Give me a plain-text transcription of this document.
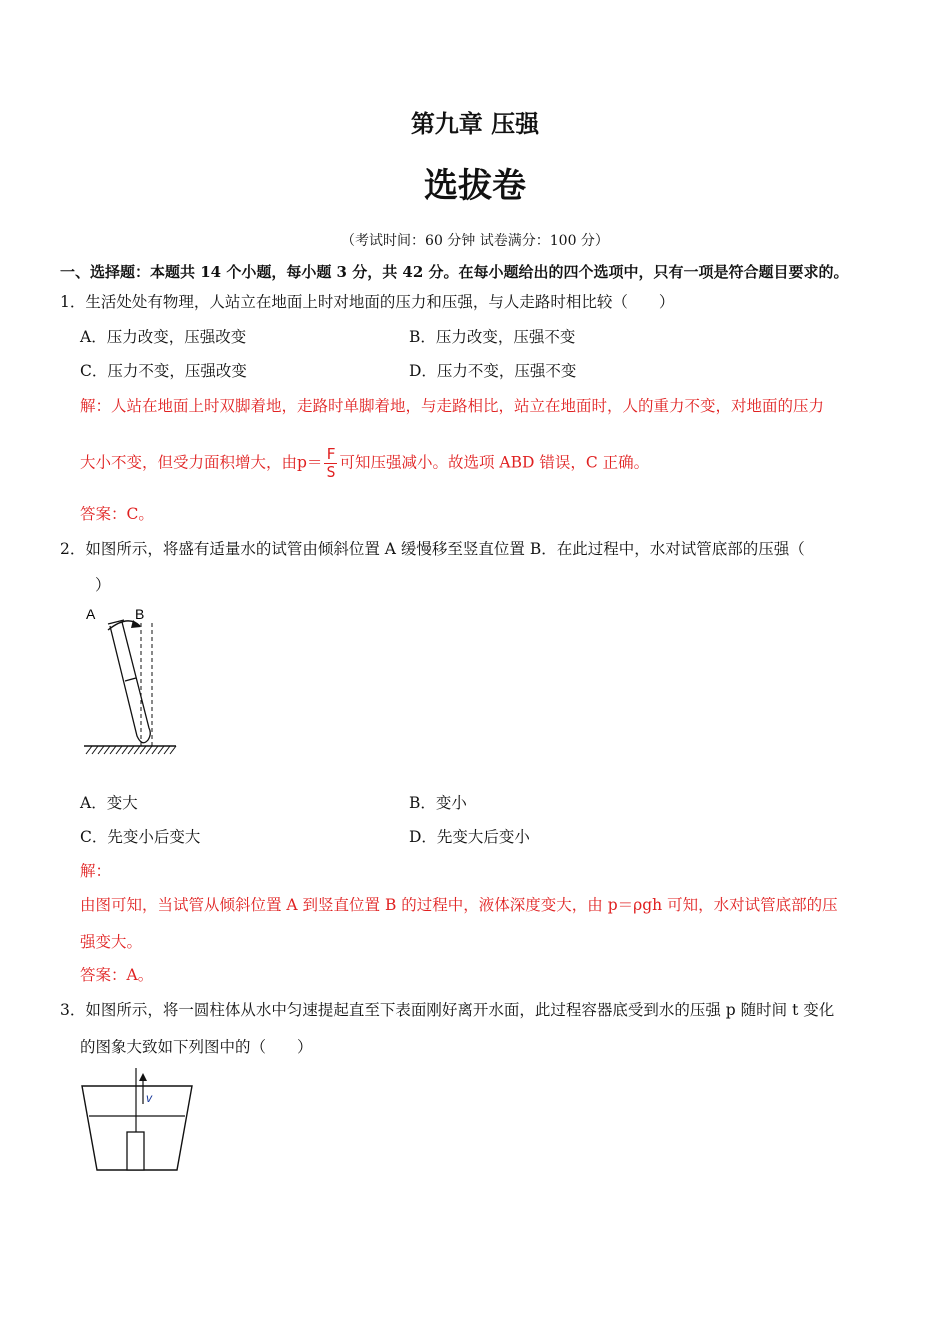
第九章 压强
选拔卷
（考试时间：60 分钟 试卷满分：100 分）
一、选择题：本题共 14 个小题，每小题 3 分，共 42 分。在每小题给出的四个选项中，只有一项是符合题目要求的。
1．生活处处有物理，人站立在地面上时对地面的压力和压强，与人走路时相比较（　　）
A．压力改变，压强改变	B．压力改变，压强不变
C．压力不变，压强改变	D．压力不变，压强不变
解：人站在地面上时双脚着地，走路时单脚着地，与走路相比，站立在地面时，人的重力不变，对地面的压力
大小不变，但受力面积增大，由$p= \frac{F}{S}$ 可知压强减小。故选项 ABD 错误，C 正确。
答案：C。
2．如图所示，将盛有适量水的试管由倾斜位置 A 缓慢移至竖直位置 B．在此过程中，水对试管底部的压强（
）
A	B
A．变大	B．变小
C．先变小后变大	D．先变大后变小
解：
由图可知，当试管从倾斜位置 A 到竖直位置 B 的过程中，液体深度变大，由 p＝ρgh 可知，水对试管底部的压
强变大。
答案：A。
3．如图所示，将一圆柱体从水中匀速提起直至下表面刚好离开水面，此过程容器底受到水的压强 p 随时间 t 变化
的图象大致如下列图中的（　　）
v
